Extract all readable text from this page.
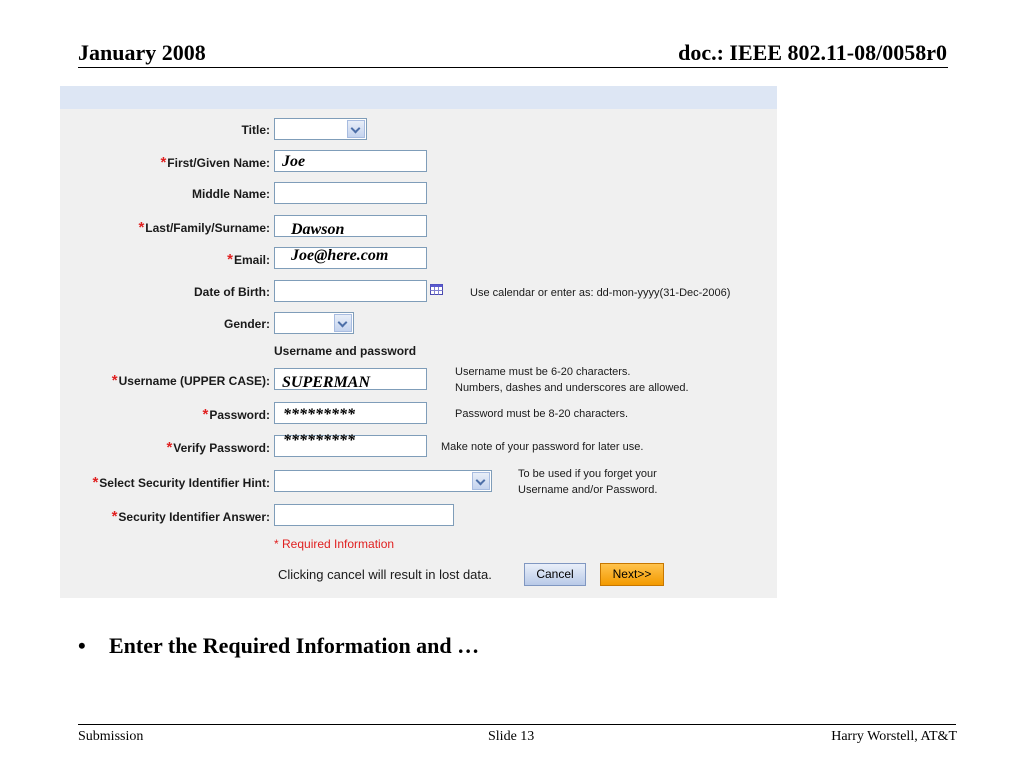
January 2008	doc.: IEEE 802.11-08/0058r0
Title:
*First/Given Name: Joe
Middle Name:
*Last/Family/Surname: Dawson
*Email: Joe@here.com
Date of Birth:	Use calendar or enter as: dd-mon-yyyy(31-Dec-2006)
Gender:
Username and password
*Username (UPPER CASE): SUPERMAN
Username must be 6-20 characters.
Numbers, dashes and underscores are allowed.
*Password: *********	Password must be 8-20 characters.
*Verify Password: *********	Make note of your password for later use.
*Select Security Identifier Hint:
To be used if you forget your
Username and/or Password.
*Security Identifier Answer:
* Required Information
Clicking cancel will result in lost data.	Cancel	Next>>
• Enter the Required Information and …
Submission	Slide 13	Harry Worstell, AT&T
